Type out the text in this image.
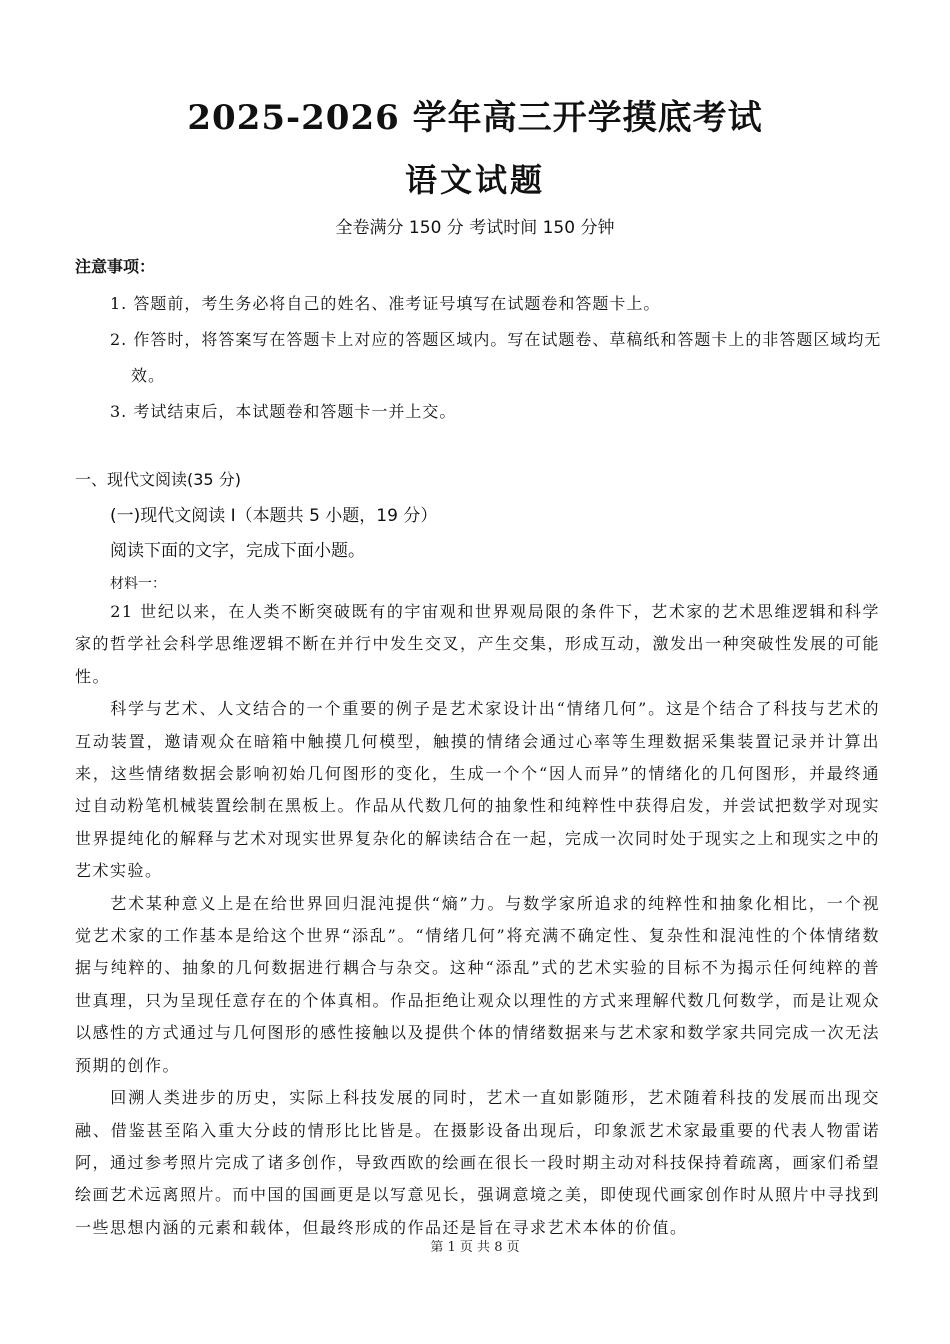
2025-2026 学年高三开学摸底考试
语文试题
全卷满分 150 分 考试时间 150 分钟
注意事项：
1. 答题前，考生务必将自己的姓名、准考证号填写在试题卷和答题卡上。
2. 作答时，将答案写在答题卡上对应的答题区域内。写在试题卷、草稿纸和答题卡上的非答题区域均无效。
3. 考试结束后，本试题卷和答题卡一并上交。
一、现代文阅读(35 分)
(一)现代文阅读 I（本题共 5 小题，19 分）
阅读下面的文字，完成下面小题。
材料一：

21 世纪以来，在人类不断突破既有的宇宙观和世界观局限的条件下，艺术家的艺术思维逻辑和科学家的哲学社会科学思维逻辑不断在并行中发生交叉，产生交集，形成互动，激发出一种突破性发展的可能性。

科学与艺术、人文结合的一个重要的例子是艺术家设计出“情绪几何”。这是个结合了科技与艺术的互动装置，邀请观众在暗箱中触摸几何模型，触摸的情绪会通过心率等生理数据采集装置记录并计算出来，这些情绪数据会影响初始几何图形的变化，生成一个个“因人而异”的情绪化的几何图形，并最终通过自动粉笔机械装置绘制在黑板上。作品从代数几何的抽象性和纯粹性中获得启发，并尝试把数学对现实世界提纯化的解释与艺术对现实世界复杂化的解读结合在一起，完成一次同时处于现实之上和现实之中的艺术实验。

艺术某种意义上是在给世界回归混沌提供“熵”力。与数学家所追求的纯粹性和抽象化相比，一个视觉艺术家的工作基本是给这个世界“添乱”。“情绪几何”将充满不确定性、复杂性和混沌性的个体情绪数据与纯粹的、抽象的几何数据进行耦合与杂交。这种“添乱”式的艺术实验的目标不为揭示任何纯粹的普世真理，只为呈现任意存在的个体真相。作品拒绝让观众以理性的方式来理解代数几何数学，而是让观众以感性的方式通过与几何图形的感性接触以及提供个体的情绪数据来与艺术家和数学家共同完成一次无法预期的创作。

回溯人类进步的历史，实际上科技发展的同时，艺术一直如影随形，艺术随着科技的发展而出现交融、借鉴甚至陷入重大分歧的情形比比皆是。在摄影设备出现后，印象派艺术家最重要的代表人物雷诺阿，通过参考照片完成了诸多创作，导致西欧的绘画在很长一段时期主动对科技保持着疏离，画家们希望绘画艺术远离照片。而中国的国画更是以写意见长，强调意境之美，即使现代画家创作时从照片中寻找到一些思想内涵的元素和载体，但最终形成的作品还是旨在寻求艺术本体的价值。

第 1 页 共 8 页
